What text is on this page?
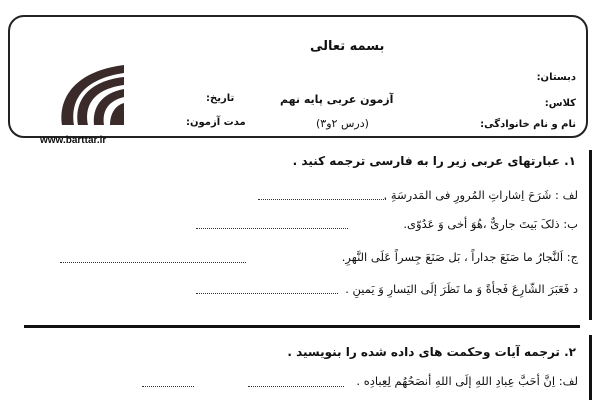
بسمه تعالی
دبستان:
کلاس:
نام و نام خانوادگی:
آزمون عربی پایه نهم
(درس ۲و۳)
تاریخ:
مدت آزمون:
www.barttar.ir
۱. عبارتهای عربی زیر را به فارسی ترجمه کنید .
لف : شَرَحَ اِشاراتِ المُرورِ فی المَدرسَةِ .
ب: ذلکَ بَیتَ جاریٌّ ،هُوَ أخی وَ عَدُوّی.
ج: اَلنَّجارُ ما صَنَعَ جداراً ، بَل صَنَعَ جِسراً عَلَی النَّهرِ.
د فَعَبَرَ الشّارِعَ فَجأةً وَ ما نَظَرَ إلَی الیَسارِ وَ یَمینِ .
۲. ترجمه آیات وحکمت های داده شده را بنویسید .
لف: اِنَّ أحَبَّ عِبادِ اللهِ إلَی اللهِ أنصَحُهُم لِعِبادِه .
